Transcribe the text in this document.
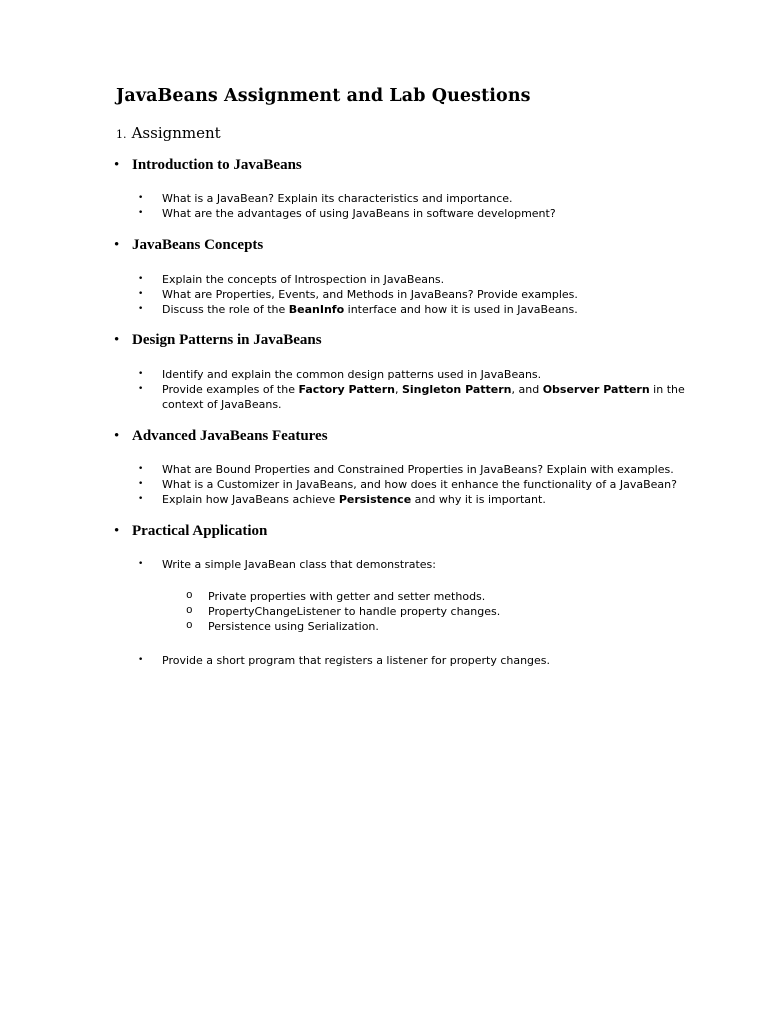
JavaBeans Assignment and Lab Questions
1. Assignment
• Introduction to JavaBeans
• What is a JavaBean? Explain its characteristics and importance.

• What are the advantages of using JavaBeans in software development?

• JavaBeans Concepts
• Explain the concepts of Introspection in JavaBeans.

• What are Properties, Events, and Methods in JavaBeans? Provide examples.

• Discuss the role of the BeanInfo interface and how it is used in JavaBeans.

• Design Patterns in JavaBeans
• Identify and explain the common design patterns used in JavaBeans.

• Provide examples of the Factory Pattern, Singleton Pattern, and Observer Pattern in the

context of JavaBeans.

• Advanced JavaBeans Features
• What are Bound Properties and Constrained Properties in JavaBeans? Explain with examples.

• What is a Customizer in JavaBeans, and how does it enhance the functionality of a JavaBean?

• Explain how JavaBeans achieve Persistence and why it is important.

• Practical Application
• Write a simple JavaBean class that demonstrates:

o Private properties with getter and setter methods.

o PropertyChangeListener to handle property changes.

o Persistence using Serialization.

• Provide a short program that registers a listener for property changes.
